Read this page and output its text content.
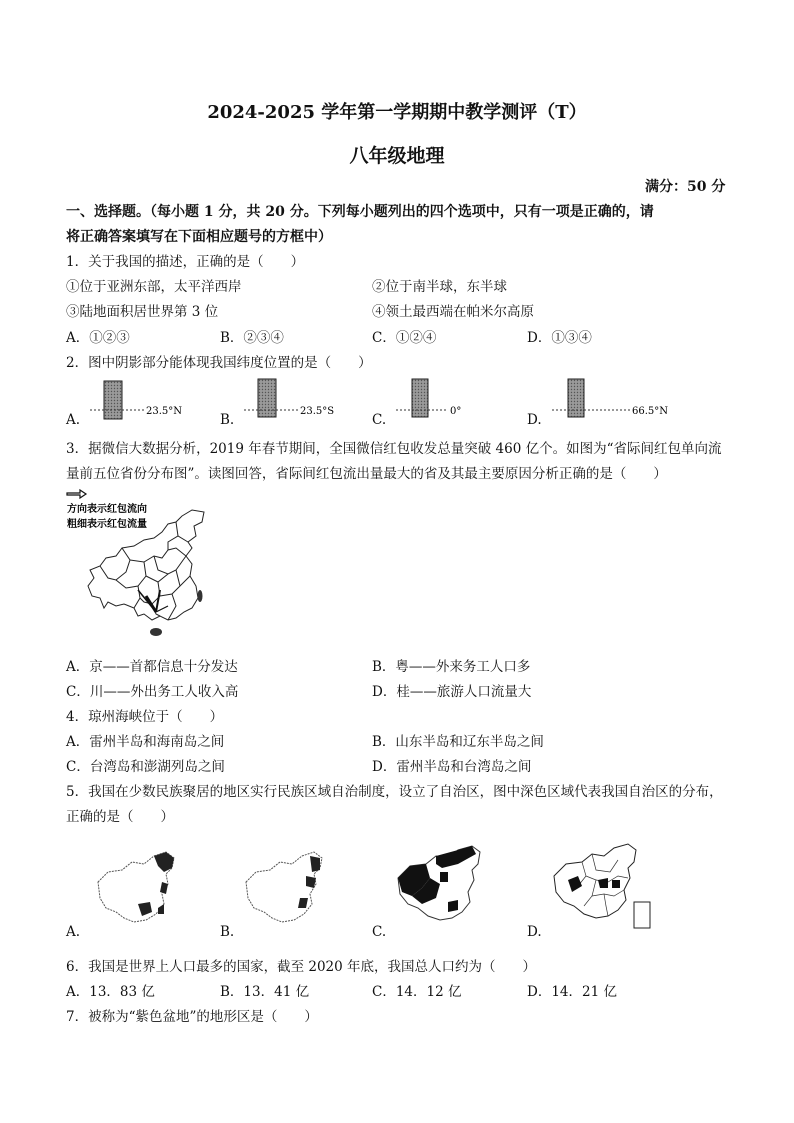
2024-2025 学年第一学期期中教学测评（T）
八年级地理
满分：50 分
一、选择题。（每小题 1 分，共 20 分。下列每小题列出的四个选项中，只有一项是正确的，请
将正确答案填写在下面相应题号的方框中）
1．关于我国的描述，正确的是（　　）
①位于亚洲东部，太平洋西岸	②位于南半球，东半球
③陆地面积居世界第 3 位	④领土最西端在帕米尔高原
A．①②③	B．②③④	C．①②④	D．①③④
2．图中阴影部分能体现我国纬度位置的是（　　）
A.
23.5°N
B.
23.5°S
C.
0°
D.
66.5°N
3．据微信大数据分析，2019 年春节期间，全国微信红包收发总量突破 460 亿个。如图为“省际间红包单向流
量前五位省份分布图”。读图回答，省际间红包流出量最大的省及其最主要原因分析正确的是（　　）
方向表示红包流向
粗细表示红包流量
A．京——首都信息十分发达	B．粤——外来务工人口多
C．川——外出务工人收入高	D．桂——旅游人口流量大
4．琼州海峡位于（　　）
A．雷州半岛和海南岛之间	B．山东半岛和辽东半岛之间
C．台湾岛和澎湖列岛之间	D．雷州半岛和台湾岛之间
5．我国在少数民族聚居的地区实行民族区域自治制度，设立了自治区，图中深色区域代表我国自治区的分布，
正确的是（　　）
A.	B.	C.	D.
6．我国是世界上人口最多的国家，截至 2020 年底，我国总人口约为（　　）
A．13．83 亿	B．13．41 亿	C．14．12 亿	D．14．21 亿
7．被称为“紫色盆地”的地形区是（　　）
